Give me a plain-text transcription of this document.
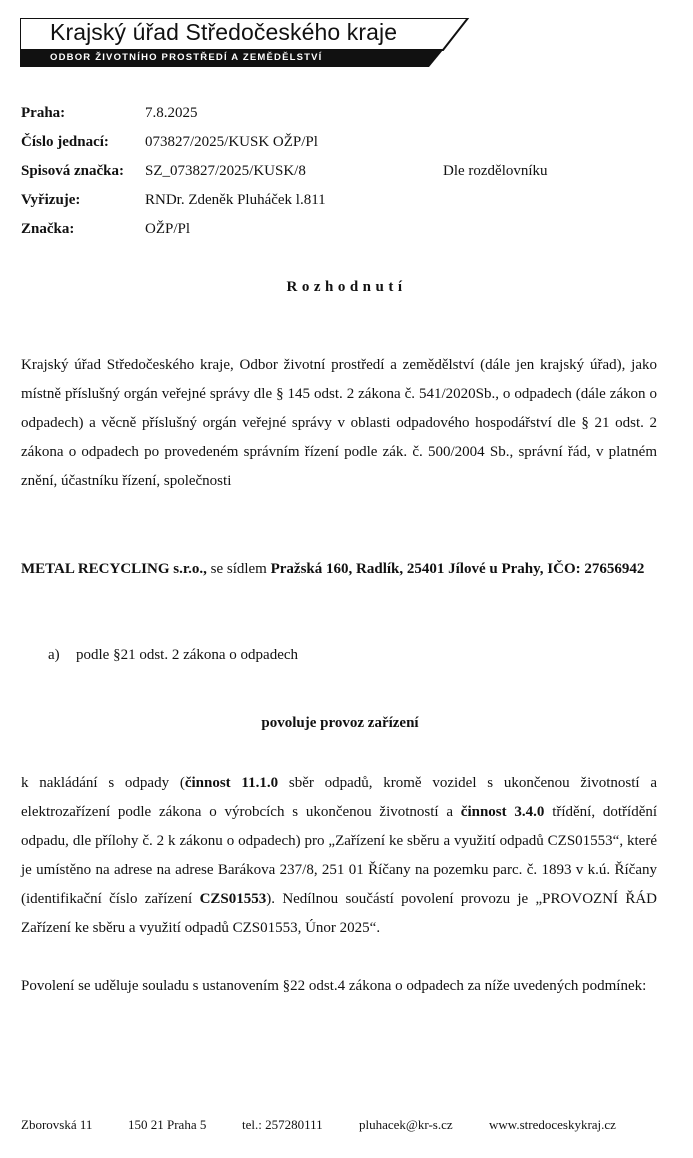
Krajský úřad Středočeského kraje
ODBOR ŽIVOTNÍHO PROSTŘEDÍ A ZEMĚDĚLSTVÍ
Praha:	7.8.2025
Číslo jednací: 073827/2025/KUSK OŽP/Pl
Spisová značka: SZ_073827/2025/KUSK/8	Dle rozdělovníku
Vyřizuje:	RNDr. Zdeněk Pluháček l.811
Značka:	OŽP/Pl
Rozhodnutí
Krajský úřad Středočeského kraje, Odbor životní prostředí a zemědělství (dále jen krajský úřad), jako místně příslušný orgán veřejné správy dle § 145 odst. 2 zákona č. 541/2020Sb., o odpadech (dále zákon o odpadech) a věcně příslušný orgán veřejné správy v oblasti odpadového hospodářství dle § 21 odst. 2 zákona o odpadech po provedeném správním řízení podle zák. č. 500/2004 Sb., správní řád, v platném znění, účastníku řízení, společnosti
METAL RECYCLING s.r.o., se sídlem Pražská 160, Radlík, 25401 Jílové u Prahy, IČO: 27656942
a) podle §21 odst. 2 zákona o odpadech
povoluje provoz zařízení
k nakládání s odpady (činnost 11.1.0 sběr odpadů, kromě vozidel s ukončenou životností a elektrozařízení podle zákona o výrobcích s ukončenou životností a činnost 3.4.0 třídění, dotřídění odpadu, dle přílohy č. 2 k zákonu o odpadech) pro „Zařízení ke sběru a využití odpadů CZS01553“, které je umístěno na adrese na adrese Barákova 237/8, 251 01 Říčany na pozemku parc. č. 1893 v k.ú. Říčany (identifikační číslo zařízení CZS01553). Nedílnou součástí povolení provozu je „PROVOZNÍ ŘÁD Zařízení ke sběru a využití odpadů CZS01553, Únor 2025“.
Povolení se uděluje souladu s ustanovením §22 odst.4 zákona o odpadech za níže uvedených podmínek:
Zborovská 11	150 21 Praha 5	tel.: 257280111	pluhacek@kr-s.cz	www.stredoceskykraj.cz
